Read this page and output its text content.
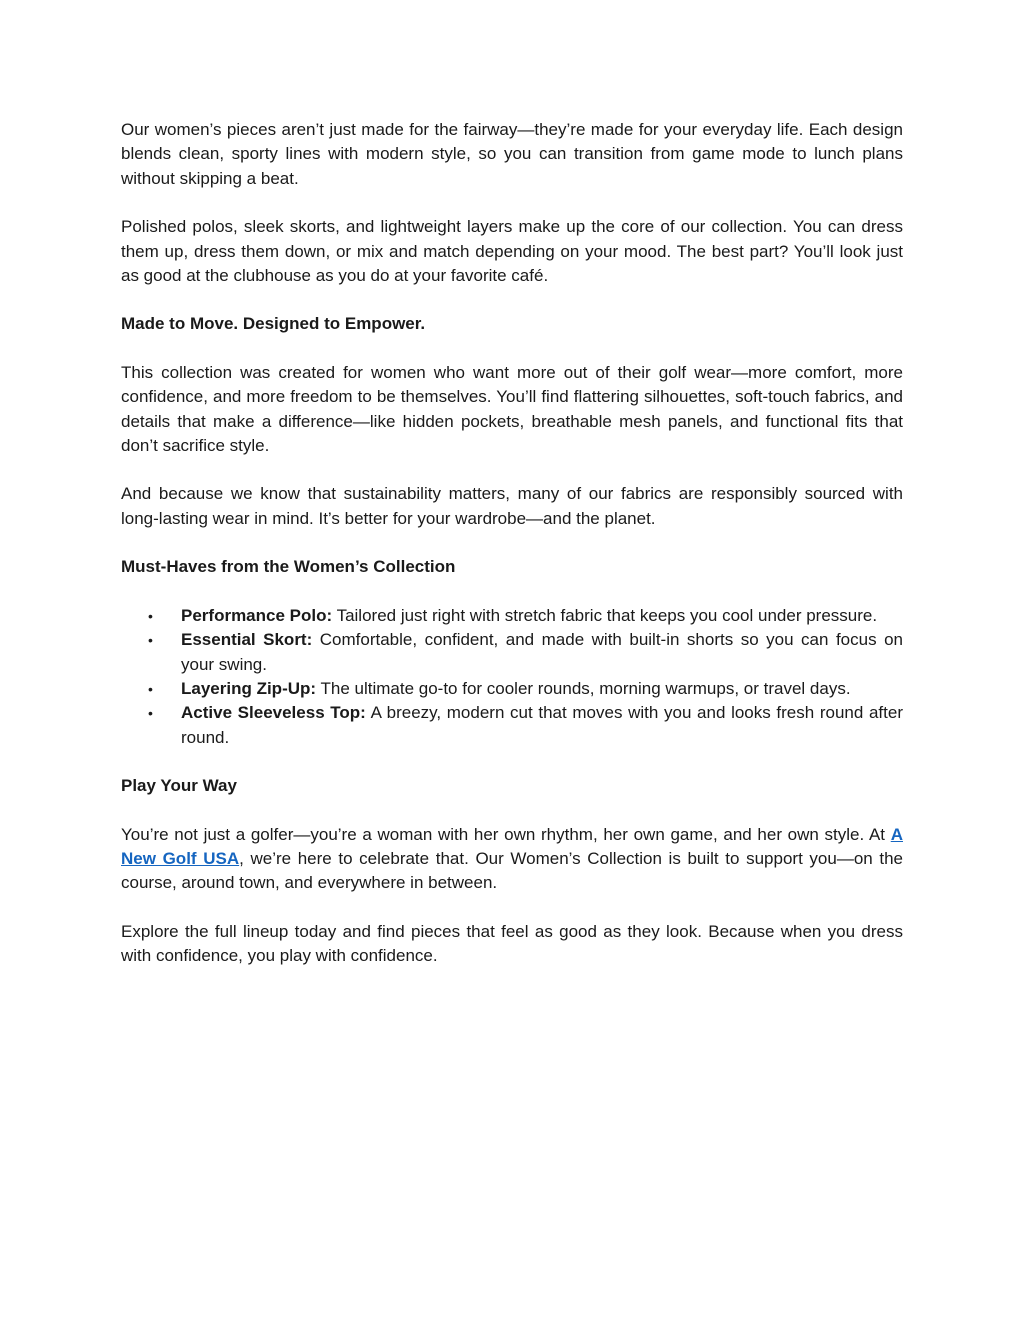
Our women’s pieces aren’t just made for the fairway—they’re made for your everyday life. Each design blends clean, sporty lines with modern style, so you can transition from game mode to lunch plans without skipping a beat.

Polished polos, sleek skorts, and lightweight layers make up the core of our collection. You can dress them up, dress them down, or mix and match depending on your mood. The best part? You’ll look just as good at the clubhouse as you do at your favorite café.

Made to Move. Designed to Empower.

This collection was created for women who want more out of their golf wear—more comfort, more confidence, and more freedom to be themselves. You’ll find flattering silhouettes, soft-touch fabrics, and details that make a difference—like hidden pockets, breathable mesh panels, and functional fits that don’t sacrifice style.

And because we know that sustainability matters, many of our fabrics are responsibly sourced with long-lasting wear in mind. It’s better for your wardrobe—and the planet.

Must-Haves from the Women’s Collection

• Performance Polo: Tailored just right with stretch fabric that keeps you cool under pressure.
• Essential Skort: Comfortable, confident, and made with built-in shorts so you can focus on your swing.
• Layering Zip-Up: The ultimate go-to for cooler rounds, morning warmups, or travel days.
• Active Sleeveless Top: A breezy, modern cut that moves with you and looks fresh round after round.

Play Your Way

You’re not just a golfer—you’re a woman with her own rhythm, her own game, and her own style. At A New Golf USA, we’re here to celebrate that. Our Women’s Collection is built to support you—on the course, around town, and everywhere in between.

Explore the full lineup today and find pieces that feel as good as they look. Because when you dress with confidence, you play with confidence.
